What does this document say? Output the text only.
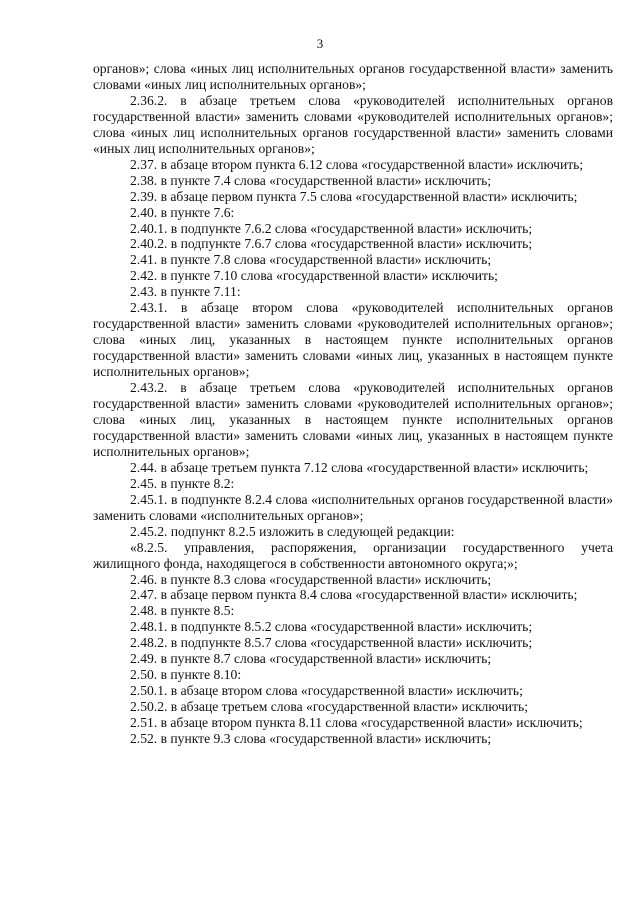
3

органов»; слова «иных лиц исполнительных органов государственной власти» заменить словами «иных лиц исполнительных органов»;

2.36.2. в абзаце третьем слова «руководителей исполнительных органов государственной власти» заменить словами «руководителей исполнительных органов»; слова «иных лиц исполнительных органов государственной власти» заменить словами «иных лиц исполнительных органов»;

2.37. в абзаце втором пункта 6.12 слова «государственной власти» исключить;

2.38. в пункте 7.4 слова «государственной власти» исключить;

2.39. в абзаце первом пункта 7.5 слова «государственной власти» исключить;

2.40. в пункте 7.6:

2.40.1. в подпункте 7.6.2 слова «государственной власти» исключить;

2.40.2. в подпункте 7.6.7 слова «государственной власти» исключить;

2.41. в пункте 7.8 слова «государственной власти» исключить;

2.42. в пункте 7.10 слова «государственной власти» исключить;

2.43. в пункте 7.11:

2.43.1. в абзаце втором слова «руководителей исполнительных органов государственной власти» заменить словами «руководителей исполнительных органов»; слова «иных лиц, указанных в настоящем пункте исполнительных органов государственной власти» заменить словами «иных лиц, указанных в настоящем пункте исполнительных органов»;

2.43.2. в абзаце третьем слова «руководителей исполнительных органов государственной власти» заменить словами «руководителей исполнительных органов»; слова «иных лиц, указанных в настоящем пункте исполнительных органов государственной власти» заменить словами «иных лиц, указанных в настоящем пункте исполнительных органов»;

2.44. в абзаце третьем пункта 7.12 слова «государственной власти» исключить;

2.45. в пункте 8.2:

2.45.1. в подпункте 8.2.4 слова «исполнительных органов государственной власти» заменить словами «исполнительных органов»;

2.45.2. подпункт 8.2.5 изложить в следующей редакции:

«8.2.5. управления, распоряжения, организации государственного учета жилищного фонда, находящегося в собственности автономного округа;»;

2.46. в пункте 8.3 слова «государственной власти» исключить;

2.47. в абзаце первом пункта 8.4 слова «государственной власти» исключить;

2.48. в пункте 8.5:

2.48.1. в подпункте 8.5.2 слова «государственной власти» исключить;

2.48.2. в подпункте 8.5.7 слова «государственной власти» исключить;

2.49. в пункте 8.7 слова «государственной власти» исключить;

2.50. в пункте 8.10:

2.50.1. в абзаце втором слова «государственной власти» исключить;

2.50.2. в абзаце третьем слова «государственной власти» исключить;

2.51. в абзаце втором пункта 8.11 слова «государственной власти» исключить;

2.52. в пункте 9.3 слова «государственной власти» исключить;
